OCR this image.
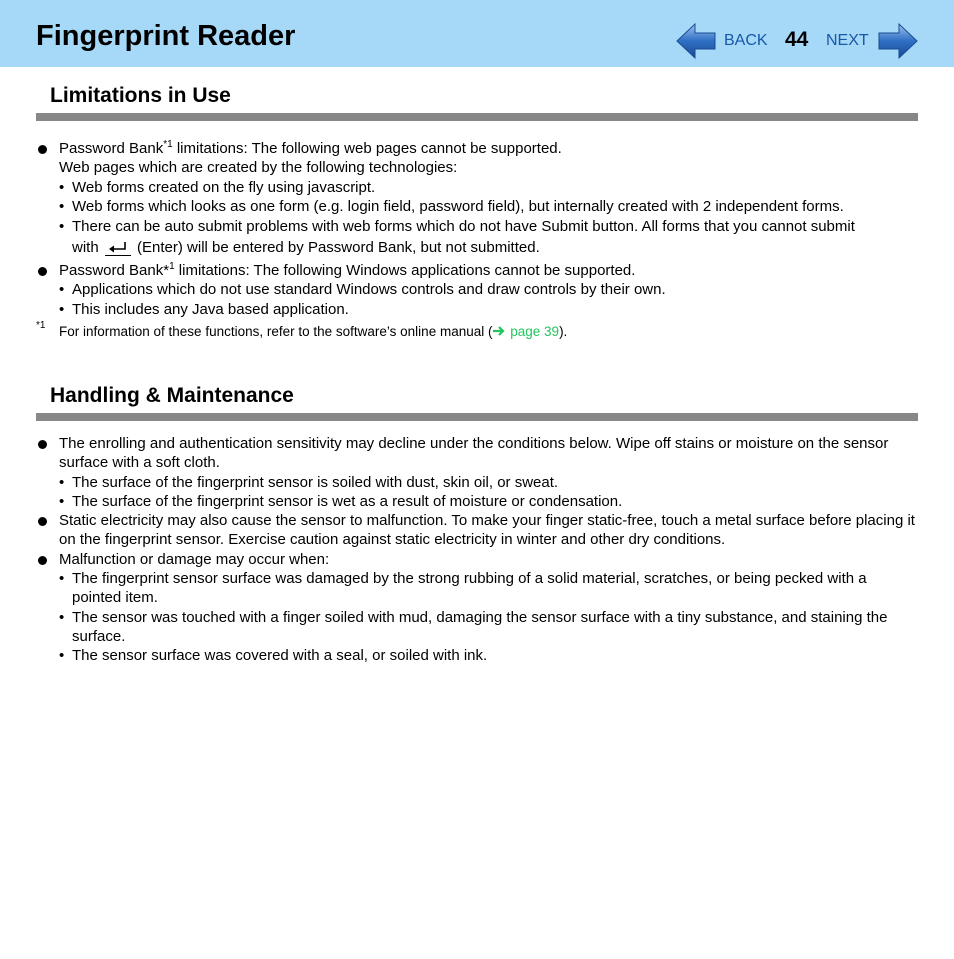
Fingerprint Reader	BACK 44 NEXT
Limitations in Use
Password Bank$^{*1}$ limitations: The following web pages cannot be supported.
Web pages which are created by the following technologies:
• Web forms created on the fly using javascript.
• Web forms which looks as one form (e.g. login field, password field), but internally created with 2 independent forms.
• There can be auto submit problems with web forms which do not have Submit button. All forms that you cannot submit
with	(Enter) will be entered by Password Bank, but not submitted.
Password Bank*$^1$ limitations: The following Windows applications cannot be supported.
• Applications which do not use standard Windows controls and draw controls by their own.
• This includes any Java based application.
*1 For information of these functions, refer to the software’s online manual ( page 39).
Handling & Maintenance
The enrolling and authentication sensitivity may decline under the conditions below. Wipe off stains or moisture on the sensor surface with a soft cloth.
• The surface of the fingerprint sensor is soiled with dust, skin oil, or sweat.
• The surface of the fingerprint sensor is wet as a result of moisture or condensation.
Static electricity may also cause the sensor to malfunction. To make your finger static-free, touch a metal surface before placing it on the fingerprint sensor. Exercise caution against static electricity in winter and other dry conditions.
Malfunction or damage may occur when:
• The fingerprint sensor surface was damaged by the strong rubbing of a solid material, scratches, or being pecked with a pointed item.
• The sensor was touched with a finger soiled with mud, damaging the sensor surface with a tiny substance, and staining the surface.
• The sensor surface was covered with a seal, or soiled with ink.
